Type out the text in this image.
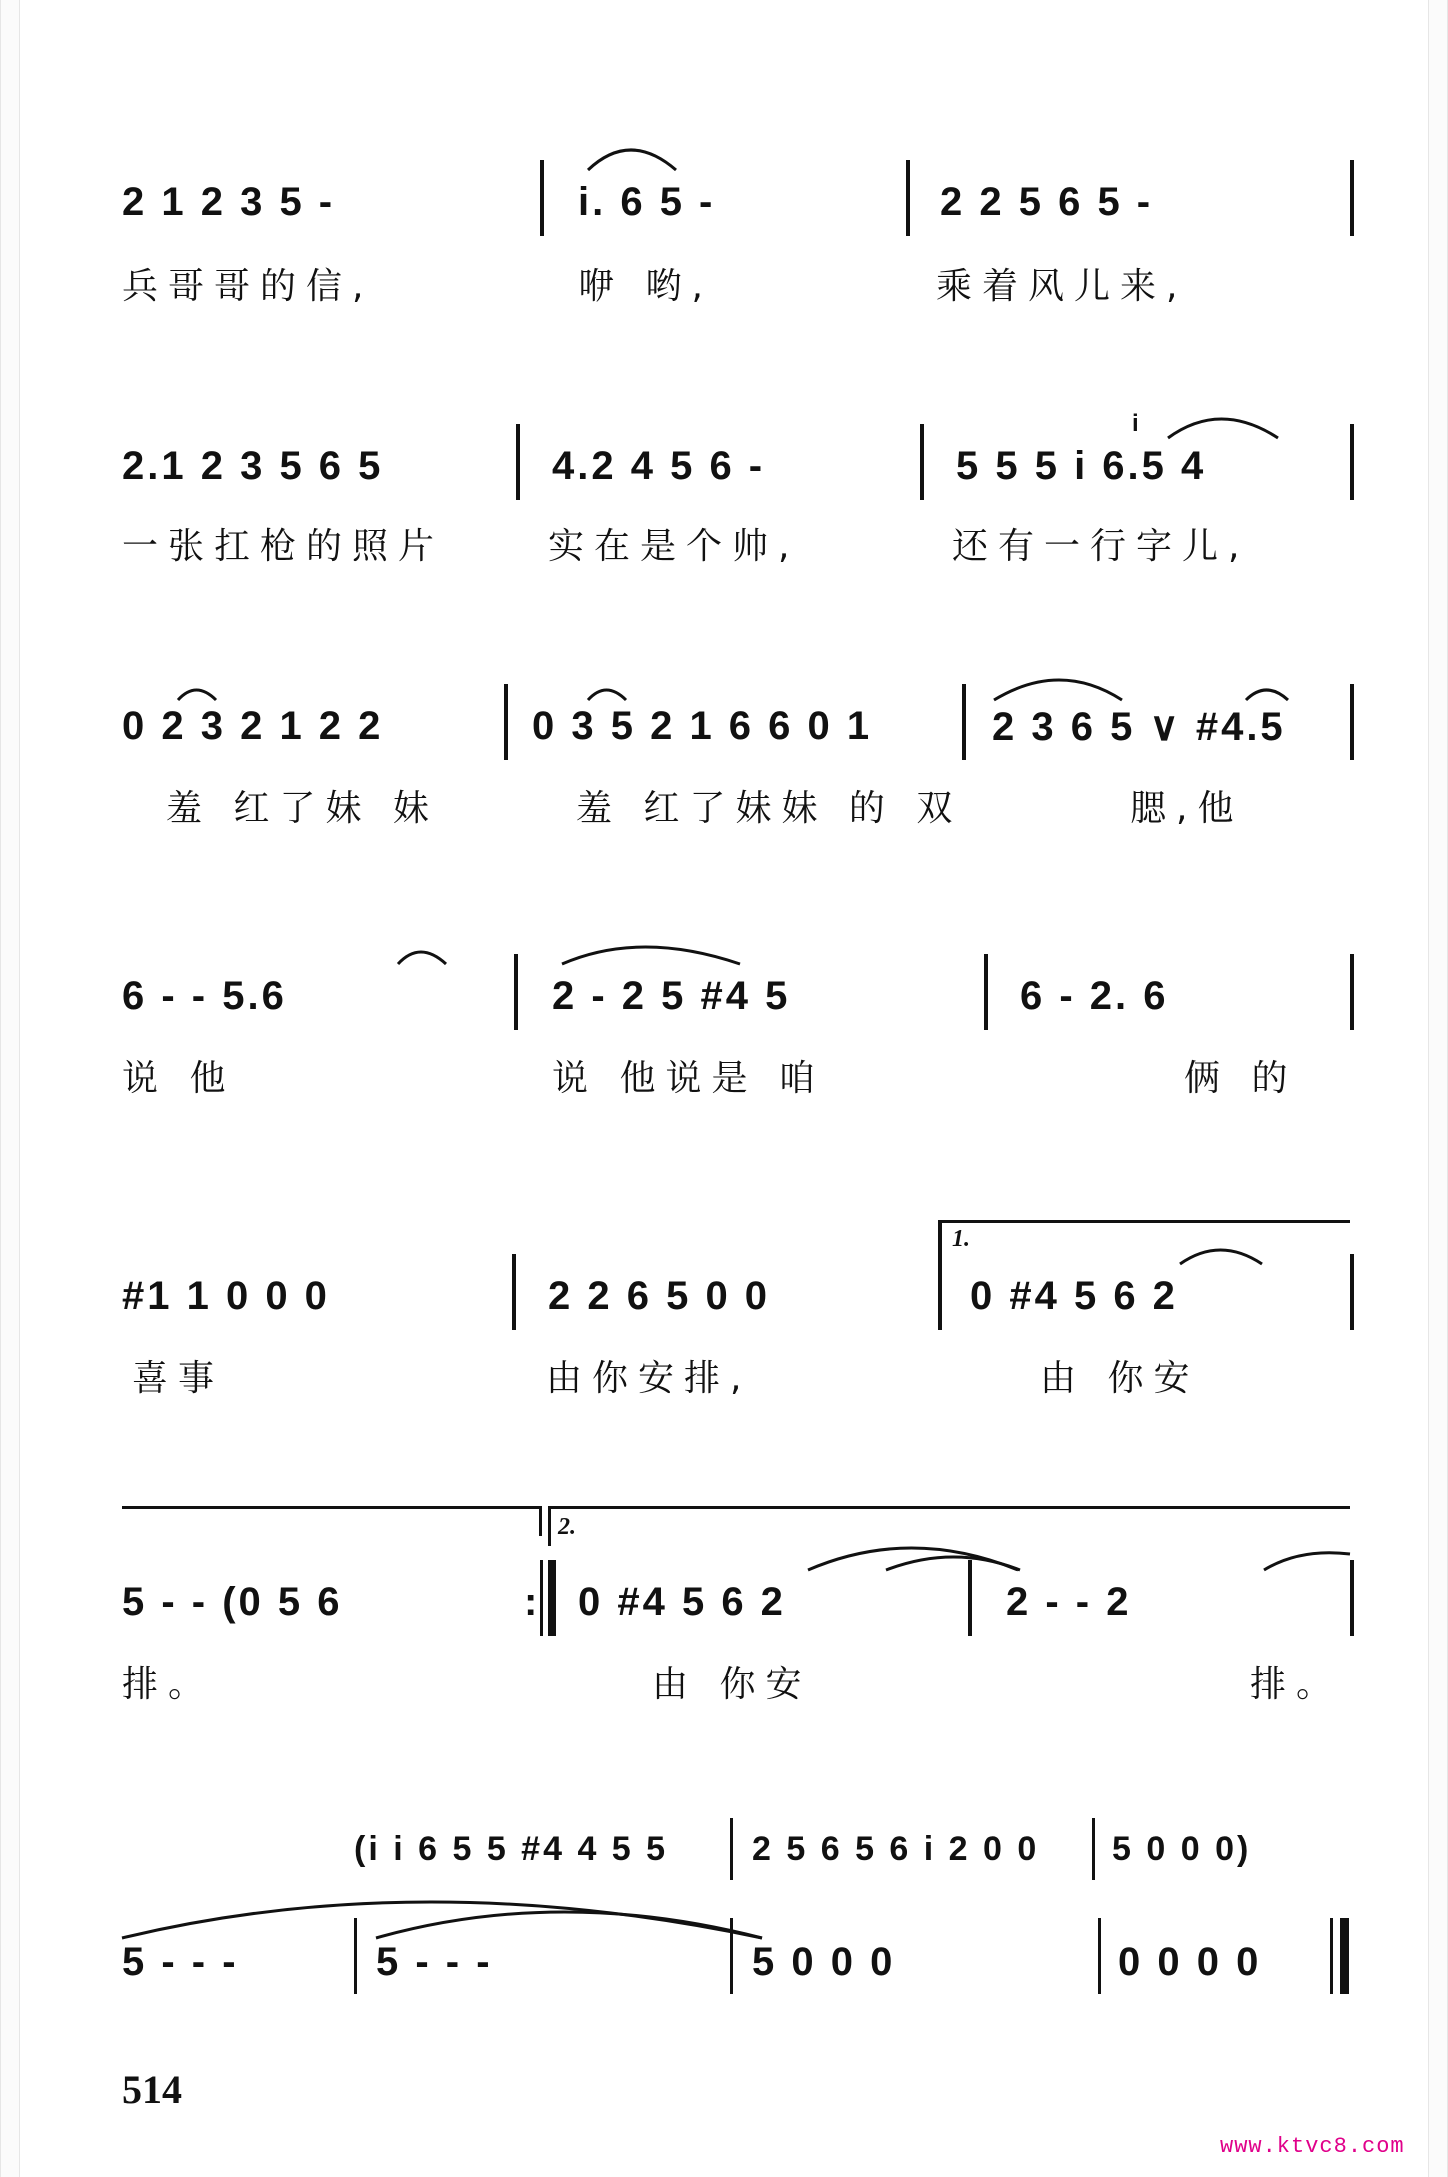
2 1 2 3 5 -
兵哥哥的信,
i. 6 5 -
咿 哟,
2 2 5 6 5 -
乘着风儿来,
2.1 2 3 5 6 5
一张扛枪的照片
4.2 4 5 6 -
实在是个帅,
5 5 5 i 6.5 4
i
还有一行字儿,
0 2 3 2 1 2 2
羞 红了妹 妹
0 3 5 2 1 6 6 0 1
羞 红了妹妹 的 双
2 3 6 5 ∨ #4.5
腮,他
6 - - 5.6
说 他
2 - 2 5 #4 5
说 他说是 咱
6 - 2. 6
俩 的
#1 1 0 0 0
喜事
2 2 6 5 0 0
由你安排,
1.
0 #4 5 6 2
由 你安
5 - - (0 5 6
排。
:
2.
0 #4 5 6 2
由 你安
2 - - 2
排。
(i i 6 5 5 #4 4 5 5 2 5 6 5 6 i 2 0 0 5 0 0 0)
5 - - -	5 - - -	5 0 0 0	0 0 0 0
514
www.ktvc8.com
